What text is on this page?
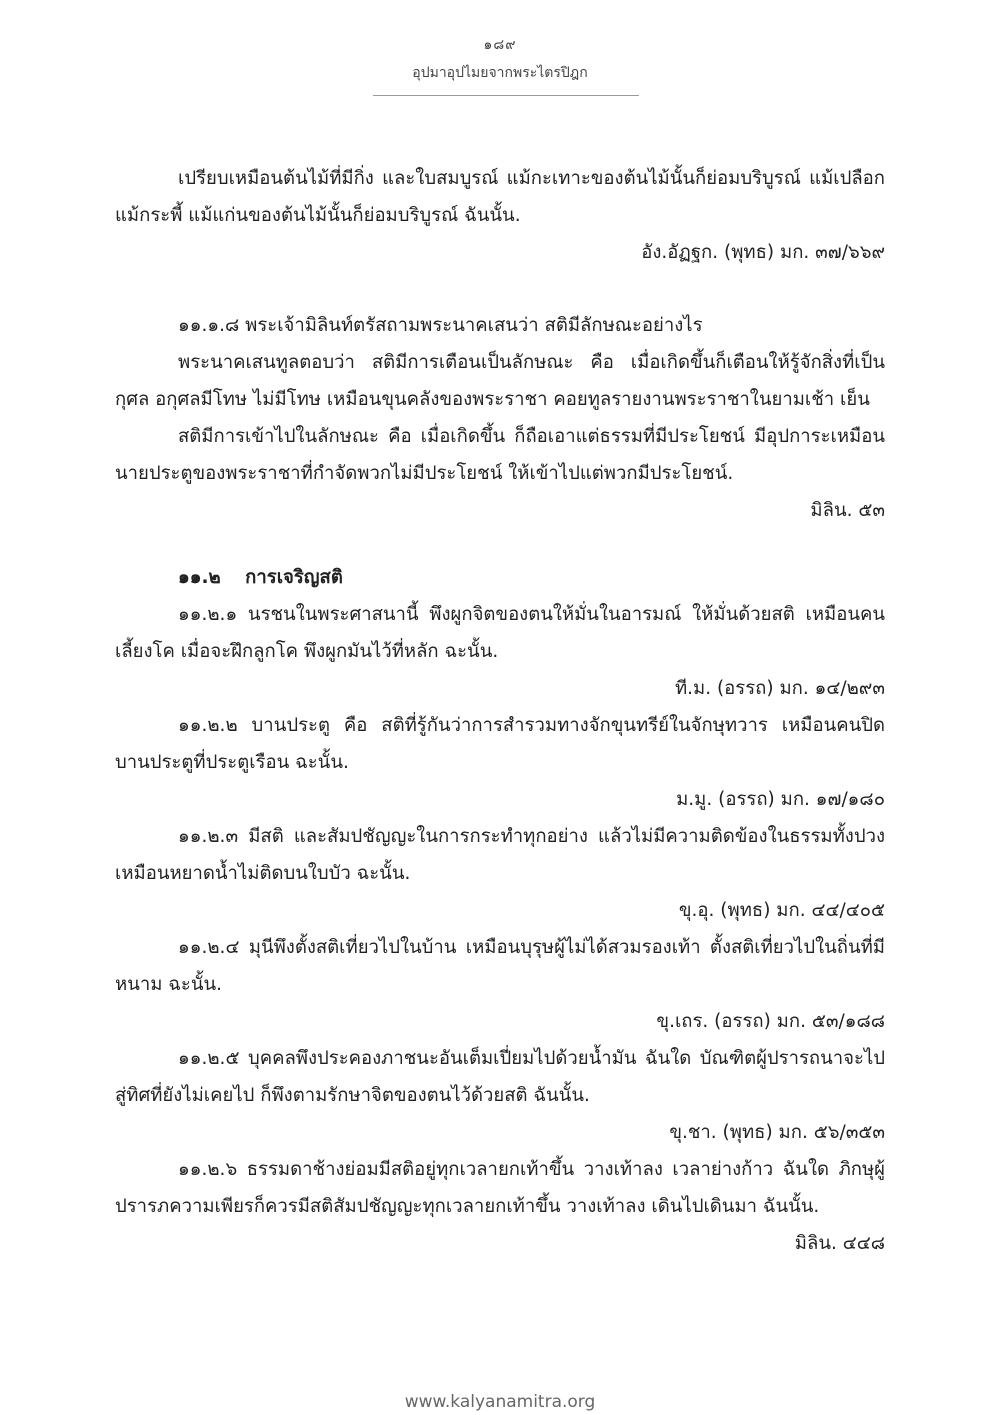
๑๘๙
อุปมาอุปไมยจากพระไตรปิฎก

เปรียบเหมือนต้นไม้ที่มีกิ่ง และใบสมบูรณ์ แม้กะเทาะของต้นไม้นั้นก็ย่อมบริบูรณ์ แม้เปลือก แม้กระพี้ แม้แก่นของต้นไม้นั้นก็ย่อมบริบูรณ์ ฉันนั้น.

อัง.อัฏฐก. (พุทธ) มก. ๓๗/๖๖๙

๑๑.๑.๘ พระเจ้ามิลินท์ตรัสถามพระนาคเสนว่า สติมีลักษณะอย่างไร

พระนาคเสนทูลตอบว่า สติมีการเตือนเป็นลักษณะ คือ เมื่อเกิดขึ้นก็เตือนให้รู้จักสิ่งที่เป็นกุศล อกุศลมีโทษ ไม่มีโทษ เหมือนขุนคลังของพระราชา คอยทูลรายงานพระราชาในยามเช้า เย็น

สติมีการเข้าไปในลักษณะ คือ เมื่อเกิดขึ้น ก็ถือเอาแต่ธรรมที่มีประโยชน์ มีอุปการะเหมือนนายประตูของพระราชาที่กำจัดพวกไม่มีประโยชน์ ให้เข้าไปแต่พวกมีประโยชน์.

มิลิน. ๕๓

๑๑.๒ การเจริญสติ

๑๑.๒.๑ นรชนในพระศาสนานี้ พึงผูกจิตของตนให้มั่นในอารมณ์ ให้มั่นด้วยสติ เหมือนคนเลี้ยงโค เมื่อจะฝึกลูกโค พึงผูกมันไว้ที่หลัก ฉะนั้น.

ที.ม. (อรรถ) มก. ๑๔/๒๙๓

๑๑.๒.๒ บานประตู คือ สติที่รู้กันว่าการสำรวมทางจักขุนทรีย์ในจักษุทวาร เหมือนคนปิดบานประตูที่ประตูเรือน ฉะนั้น.

ม.มู. (อรรถ) มก. ๑๗/๑๘๐

๑๑.๒.๓ มีสติ และสัมปชัญญะในการกระทำทุกอย่าง แล้วไม่มีความติดข้องในธรรมทั้งปวง เหมือนหยาดน้ำไม่ติดบนใบบัว ฉะนั้น.

ขุ.อุ. (พุทธ) มก. ๔๔/๔๐๕

๑๑.๒.๔ มุนีพึงตั้งสติเที่ยวไปในบ้าน เหมือนบุรุษผู้ไม่ได้สวมรองเท้า ตั้งสติเที่ยวไปในถิ่นที่มีหนาม ฉะนั้น.

ขุ.เถร. (อรรถ) มก. ๕๓/๑๘๘

๑๑.๒.๕ บุคคลพึงประคองภาชนะอันเต็มเปี่ยมไปด้วยน้ำมัน ฉันใด บัณฑิตผู้ปรารถนาจะไปสู่ทิศที่ยังไม่เคยไป ก็พึงตามรักษาจิตของตนไว้ด้วยสติ ฉันนั้น.

ขุ.ชา. (พุทธ) มก. ๕๖/๓๕๓

๑๑.๒.๖ ธรรมดาช้างย่อมมีสติอยู่ทุกเวลายกเท้าขึ้น วางเท้าลง เวลาย่างก้าว ฉันใด ภิกษุผู้ปรารภความเพียรก็ควรมีสติสัมปชัญญะทุกเวลายกเท้าขึ้น วางเท้าลง เดินไปเดินมา ฉันนั้น.

มิลิน. ๔๔๘

www.kalyanamitra.org
